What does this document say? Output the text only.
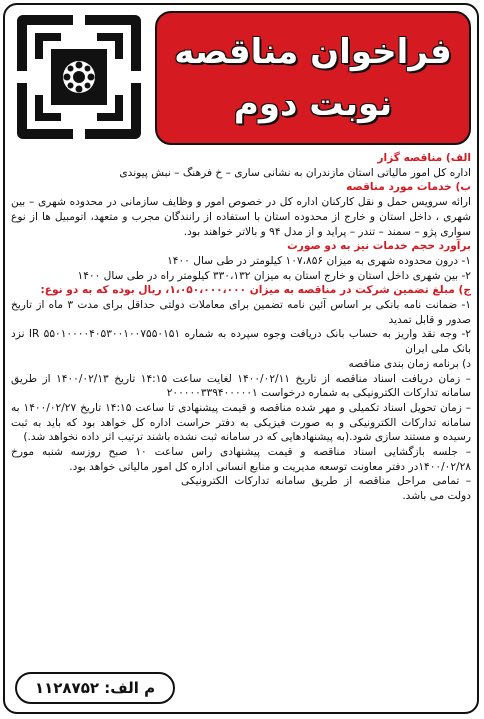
فراخوان مناقصه
نوبت دوم

الف) مناقصه گزار

اداره کل امور مالیاتی استان مازندران به نشانی ساری – خ فرهنگ – نبش پیوندی

ب) خدمات مورد مناقصه

ارائه سرویس حمل و نقل کارکنان اداره کل در خصوص امور و وظایف سازمانی در محدوده شهری – بین شهری ، داخل استان و خارج از محدوده استان با استفاده از رانندگان مجرب و متعهد، اتومبیل ها از نوع سواری پژو – سمند – تندر – پراید و از مدل ۹۴ و بالاتر خواهند بود.

برآورد حجم خدمات نیز به دو صورت

۱- درون محدوده شهری به میزان ۱۰۷،۸۵۶ کیلومتر در طی سال ۱۴۰۰

۲- بین شهری داخل استان و خارج استان به میزان ۳۳۰،۱۳۲ کیلومتر راه در طی سال ۱۴۰۰

ج) مبلغ تضمین شرکت در مناقصه به میزان ۱،۰۵۰،۰۰۰،۰۰۰، ریال بوده که به دو نوع:

۱- ضمانت نامه بانکی بر اساس آئین نامه تضمین برای معاملات دولتی حداقل برای مدت ۳ ماه از تاریخ صدور و قابل تمدید

۲- وجه نقد واریز به حساب بانک دریافت وجوه سپرده به شماره IR ۵۵۰۱۰۰۰۰۴۰۵۳۰۰۱۰۰۷۵۵۰۱۵۱ نزد بانک ملی ایران

د) برنامه زمان بندی مناقصه

– زمان دریافت اسناد مناقصه از تاریخ ۱۴۰۰/۰۲/۱۱ لغایت ساعت ۱۴:۱۵ تاریخ ۱۴۰۰/۰۲/۱۳ از طریق سامانه تدارکات الکترونیکی به شماره درخواست ۲۰۰۰۰۰۳۳۹۴۰۰۰۰۰۱

– زمان تحویل اسناد تکمیلی و مهر شده مناقصه و قیمت پیشنهادی تا ساعت ۱۴:۱۵ تاریخ ۱۴۰۰/۰۲/۲۷ به سامانه تدارکات الکترونیکی و به صورت فیزیکی به دفتر حراست اداره کل خواهد بود که باید به ثبت رسیده و مستند سازی شود.(به پیشنهادهایی که در سامانه ثبت نشده باشند ترتیب اثر داده نخواهد شد.)

– جلسه بازگشایی اسناد مناقصه و قیمت پیشنهادی راس ساعت ۱۰ صبح روزسه شنبه مورخ ۱۴۰۰/۰۲/۲۸در دفتر معاونت توسعه مدیریت و منابع انسانی اداره کل امور مالیاتی خواهد بود.

– تمامی مراحل مناقصه از طریق سامانه تدارکات الکترونیکی دولت می باشد.

م الف: ۱۱۲۸۷۵۲
